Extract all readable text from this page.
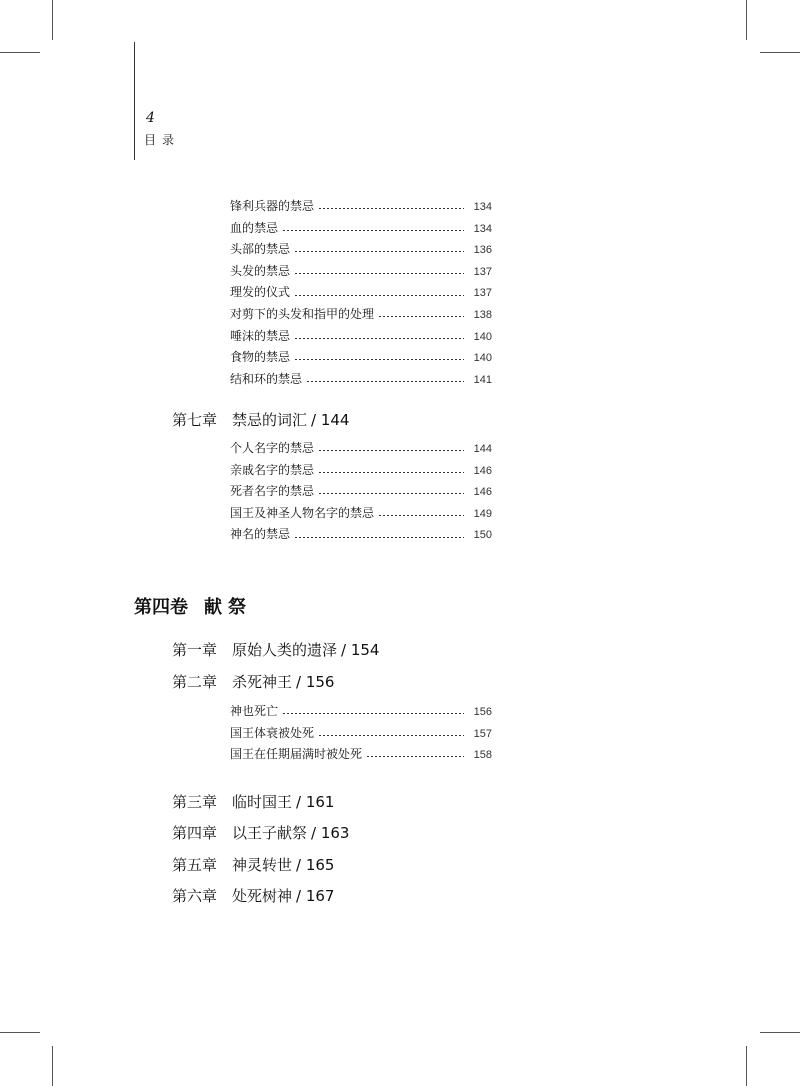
4
目录
锋利兵器的禁忌	134
血的禁忌	134
头部的禁忌	136
头发的禁忌	137
理发的仪式	137
对剪下的头发和指甲的处理	138
唾沫的禁忌	140
食物的禁忌	140
结和环的禁忌	141
第七章 禁忌的词汇 / 144
个人名字的禁忌	144
亲戚名字的禁忌	146
死者名字的禁忌	146
国王及神圣人物名字的禁忌	149
神名的禁忌	150
第四卷 献祭
第一章 原始人类的遗泽 / 154
第二章 杀死神王 / 156
神也死亡	156
国王体衰被处死	157
国王在任期届满时被处死	158
第三章 临时国王 / 161
第四章 以王子献祭 / 163
第五章 神灵转世 / 165
第六章 处死树神 / 167
